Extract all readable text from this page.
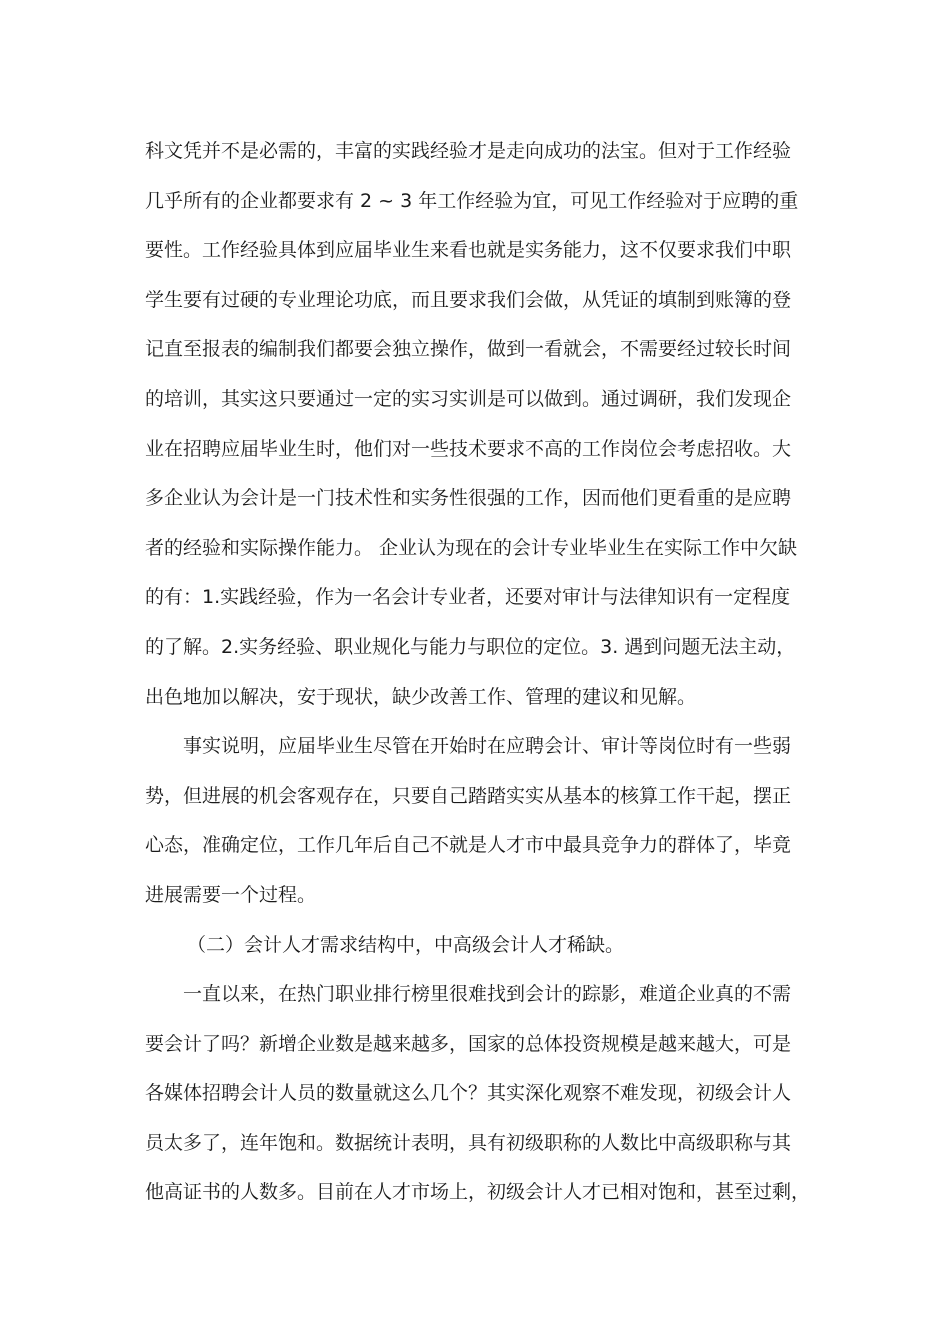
科文凭并不是必需的，丰富的实践经验才是走向成功的法宝。但对于工作经验
几乎所有的企业都要求有 2 ~ 3 年工作经验为宜，可见工作经验对于应聘的重
要性。工作经验具体到应届毕业生来看也就是实务能力，这不仅要求我们中职
学生要有过硬的专业理论功底，而且要求我们会做，从凭证的填制到账簿的登
记直至报表的编制我们都要会独立操作，做到一看就会，不需要经过较长时间
的培训，其实这只要通过一定的实习实训是可以做到。通过调研，我们发现企
业在招聘应届毕业生时，他们对一些技术要求不高的工作岗位会考虑招收。大
多企业认为会计是一门技术性和实务性很强的工作，因而他们更看重的是应聘
者的经验和实际操作能力。 企业认为现在的会计专业毕业生在实际工作中欠缺
的有：1.实践经验，作为一名会计专业者，还要对审计与法律知识有一定程度
的了解。2.实务经验、职业规化与能力与职位的定位。3. 遇到问题无法主动，
出色地加以解决，安于现状，缺少改善工作、管理的建议和见解。
事实说明，应届毕业生尽管在开始时在应聘会计、审计等岗位时有一些弱
势，但进展的机会客观存在，只要自己踏踏实实从基本的核算工作干起，摆正
心态，准确定位，工作几年后自己不就是人才市中最具竞争力的群体了，毕竟
进展需要一个过程。
（二）会计人才需求结构中，中高级会计人才稀缺。
一直以来，在热门职业排行榜里很难找到会计的踪影，难道企业真的不需
要会计了吗？新增企业数是越来越多，国家的总体投资规模是越来越大，可是
各媒体招聘会计人员的数量就这么几个？其实深化观察不难发现，初级会计人
员太多了，连年饱和。数据统计表明，具有初级职称的人数比中高级职称与其
他高证书的人数多。目前在人才市场上，初级会计人才已相对饱和，甚至过剩，
